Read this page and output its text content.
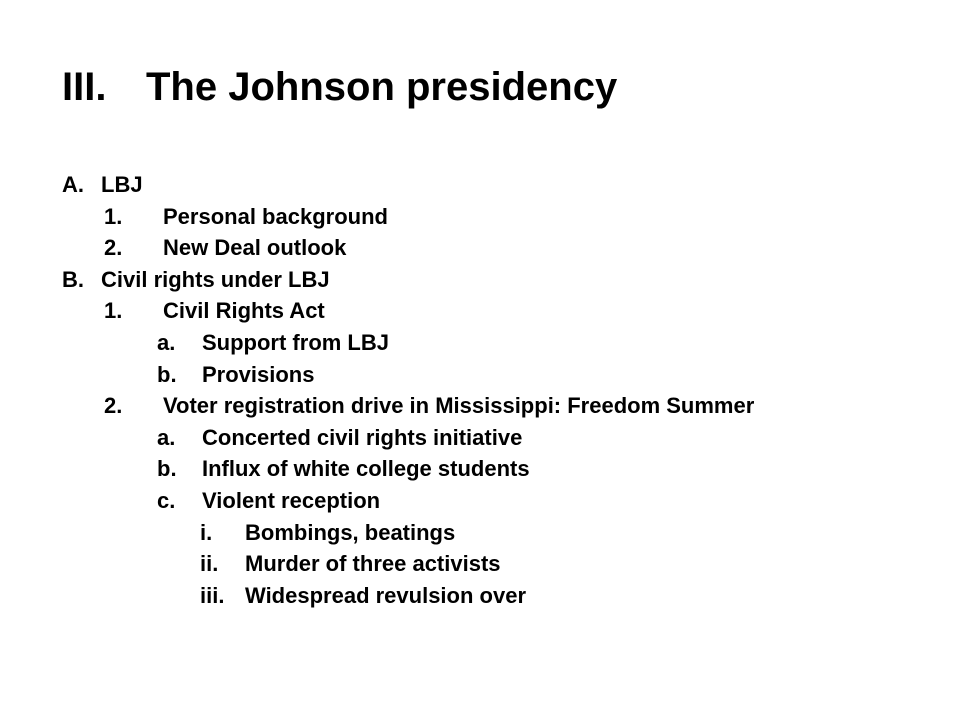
III. The Johnson presidency
A. LBJ
1. Personal background
2. New Deal outlook
B. Civil rights under LBJ
1. Civil Rights Act
a. Support from LBJ
b. Provisions
2. Voter registration drive in Mississippi: Freedom Summer
a. Concerted civil rights initiative
b. Influx of white college students
c. Violent reception
i. Bombings, beatings
ii. Murder of three activists
iii. Widespread revulsion over
